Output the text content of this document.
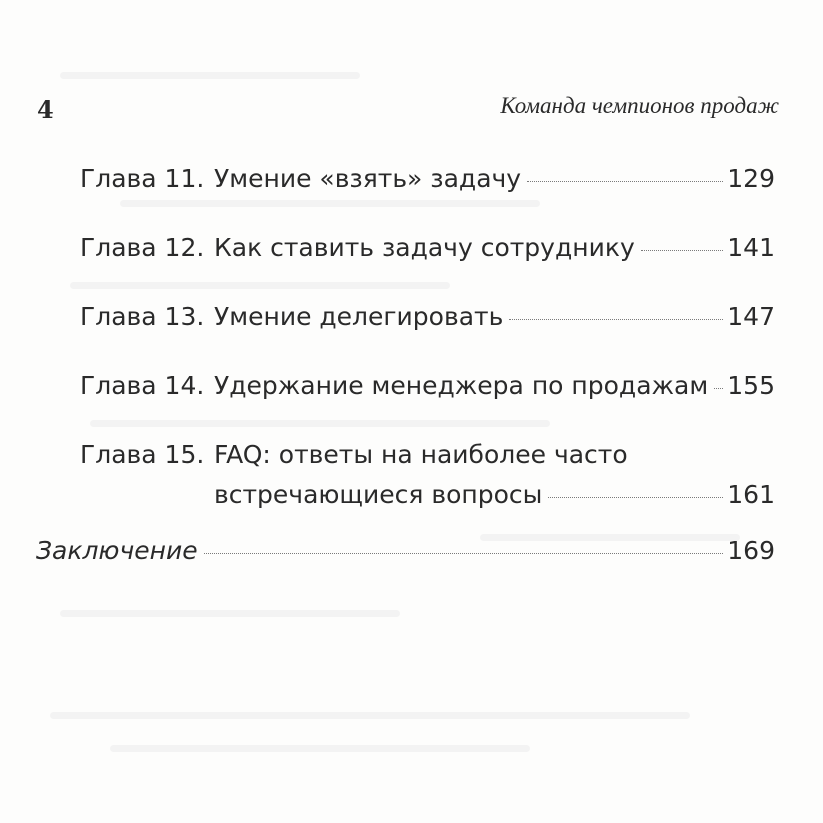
4	Команда чемпионов продаж
Глава 11. Умение «взять» задачу	129
Глава 12. Как ставить задачу сотруднику	141
Глава 13. Умение делегировать	147
Глава 14. Удержание менеджера по продажам 155
Глава 15. FAQ: ответы на наиболее часто
встречающиеся вопросы	161
Заключение	169
